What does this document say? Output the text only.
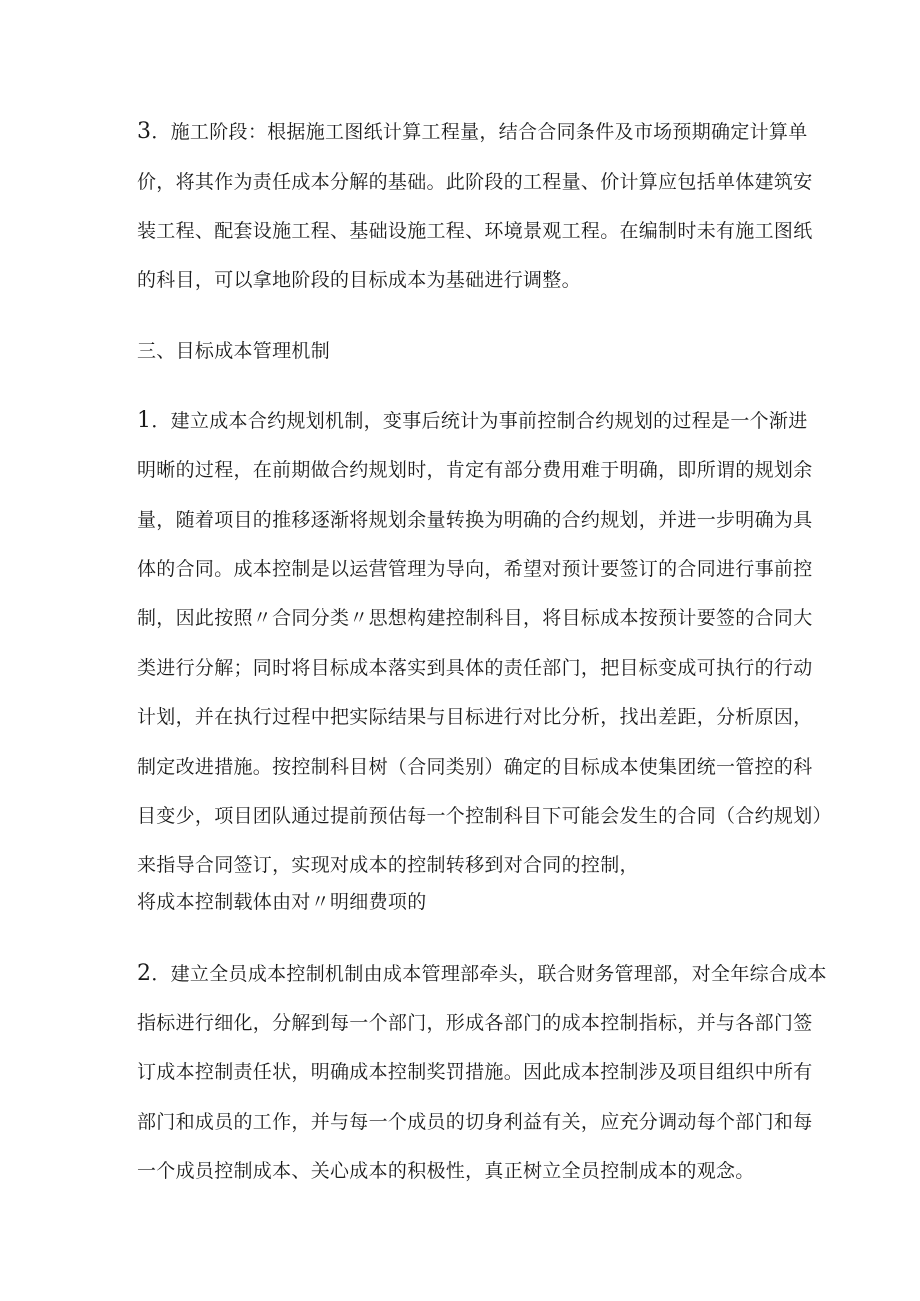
3．施工阶段：根据施工图纸计算工程量，结合合同条件及市场预期确定计算单
价，将其作为责任成本分解的基础。此阶段的工程量、价计算应包括单体建筑安
装工程、配套设施工程、基础设施工程、环境景观工程。在编制时未有施工图纸
的科目，可以拿地阶段的目标成本为基础进行调整。
三、目标成本管理机制
1．建立成本合约规划机制，变事后统计为事前控制合约规划的过程是一个渐进
明晰的过程，在前期做合约规划时，肯定有部分费用难于明确，即所谓的规划余
量，随着项目的推移逐渐将规划余量转换为明确的合约规划，并进一步明确为具
体的合同。成本控制是以运营管理为导向，希望对预计要签订的合同进行事前控
制，因此按照〃合同分类〃思想构建控制科目，将目标成本按预计要签的合同大
类进行分解；同时将目标成本落实到具体的责任部门，把目标变成可执行的行动
计划，并在执行过程中把实际结果与目标进行对比分析，找出差距，分析原因，
制定改进措施。按控制科目树（合同类别）确定的目标成本使集团统一管控的科
目变少，项目团队通过提前预估每一个控制科目下可能会发生的合同（合约规划）
来指导合同签订，实现对成本的控制转移到对合同的控制，
将成本控制载体由对〃明细费项的
2．建立全员成本控制机制由成本管理部牵头，联合财务管理部，对全年综合成本
指标进行细化，分解到每一个部门，形成各部门的成本控制指标，并与各部门签
订成本控制责任状，明确成本控制奖罚措施。因此成本控制涉及项目组织中所有
部门和成员的工作，并与每一个成员的切身利益有关，应充分调动每个部门和每
一个成员控制成本、关心成本的积极性，真正树立全员控制成本的观念。
